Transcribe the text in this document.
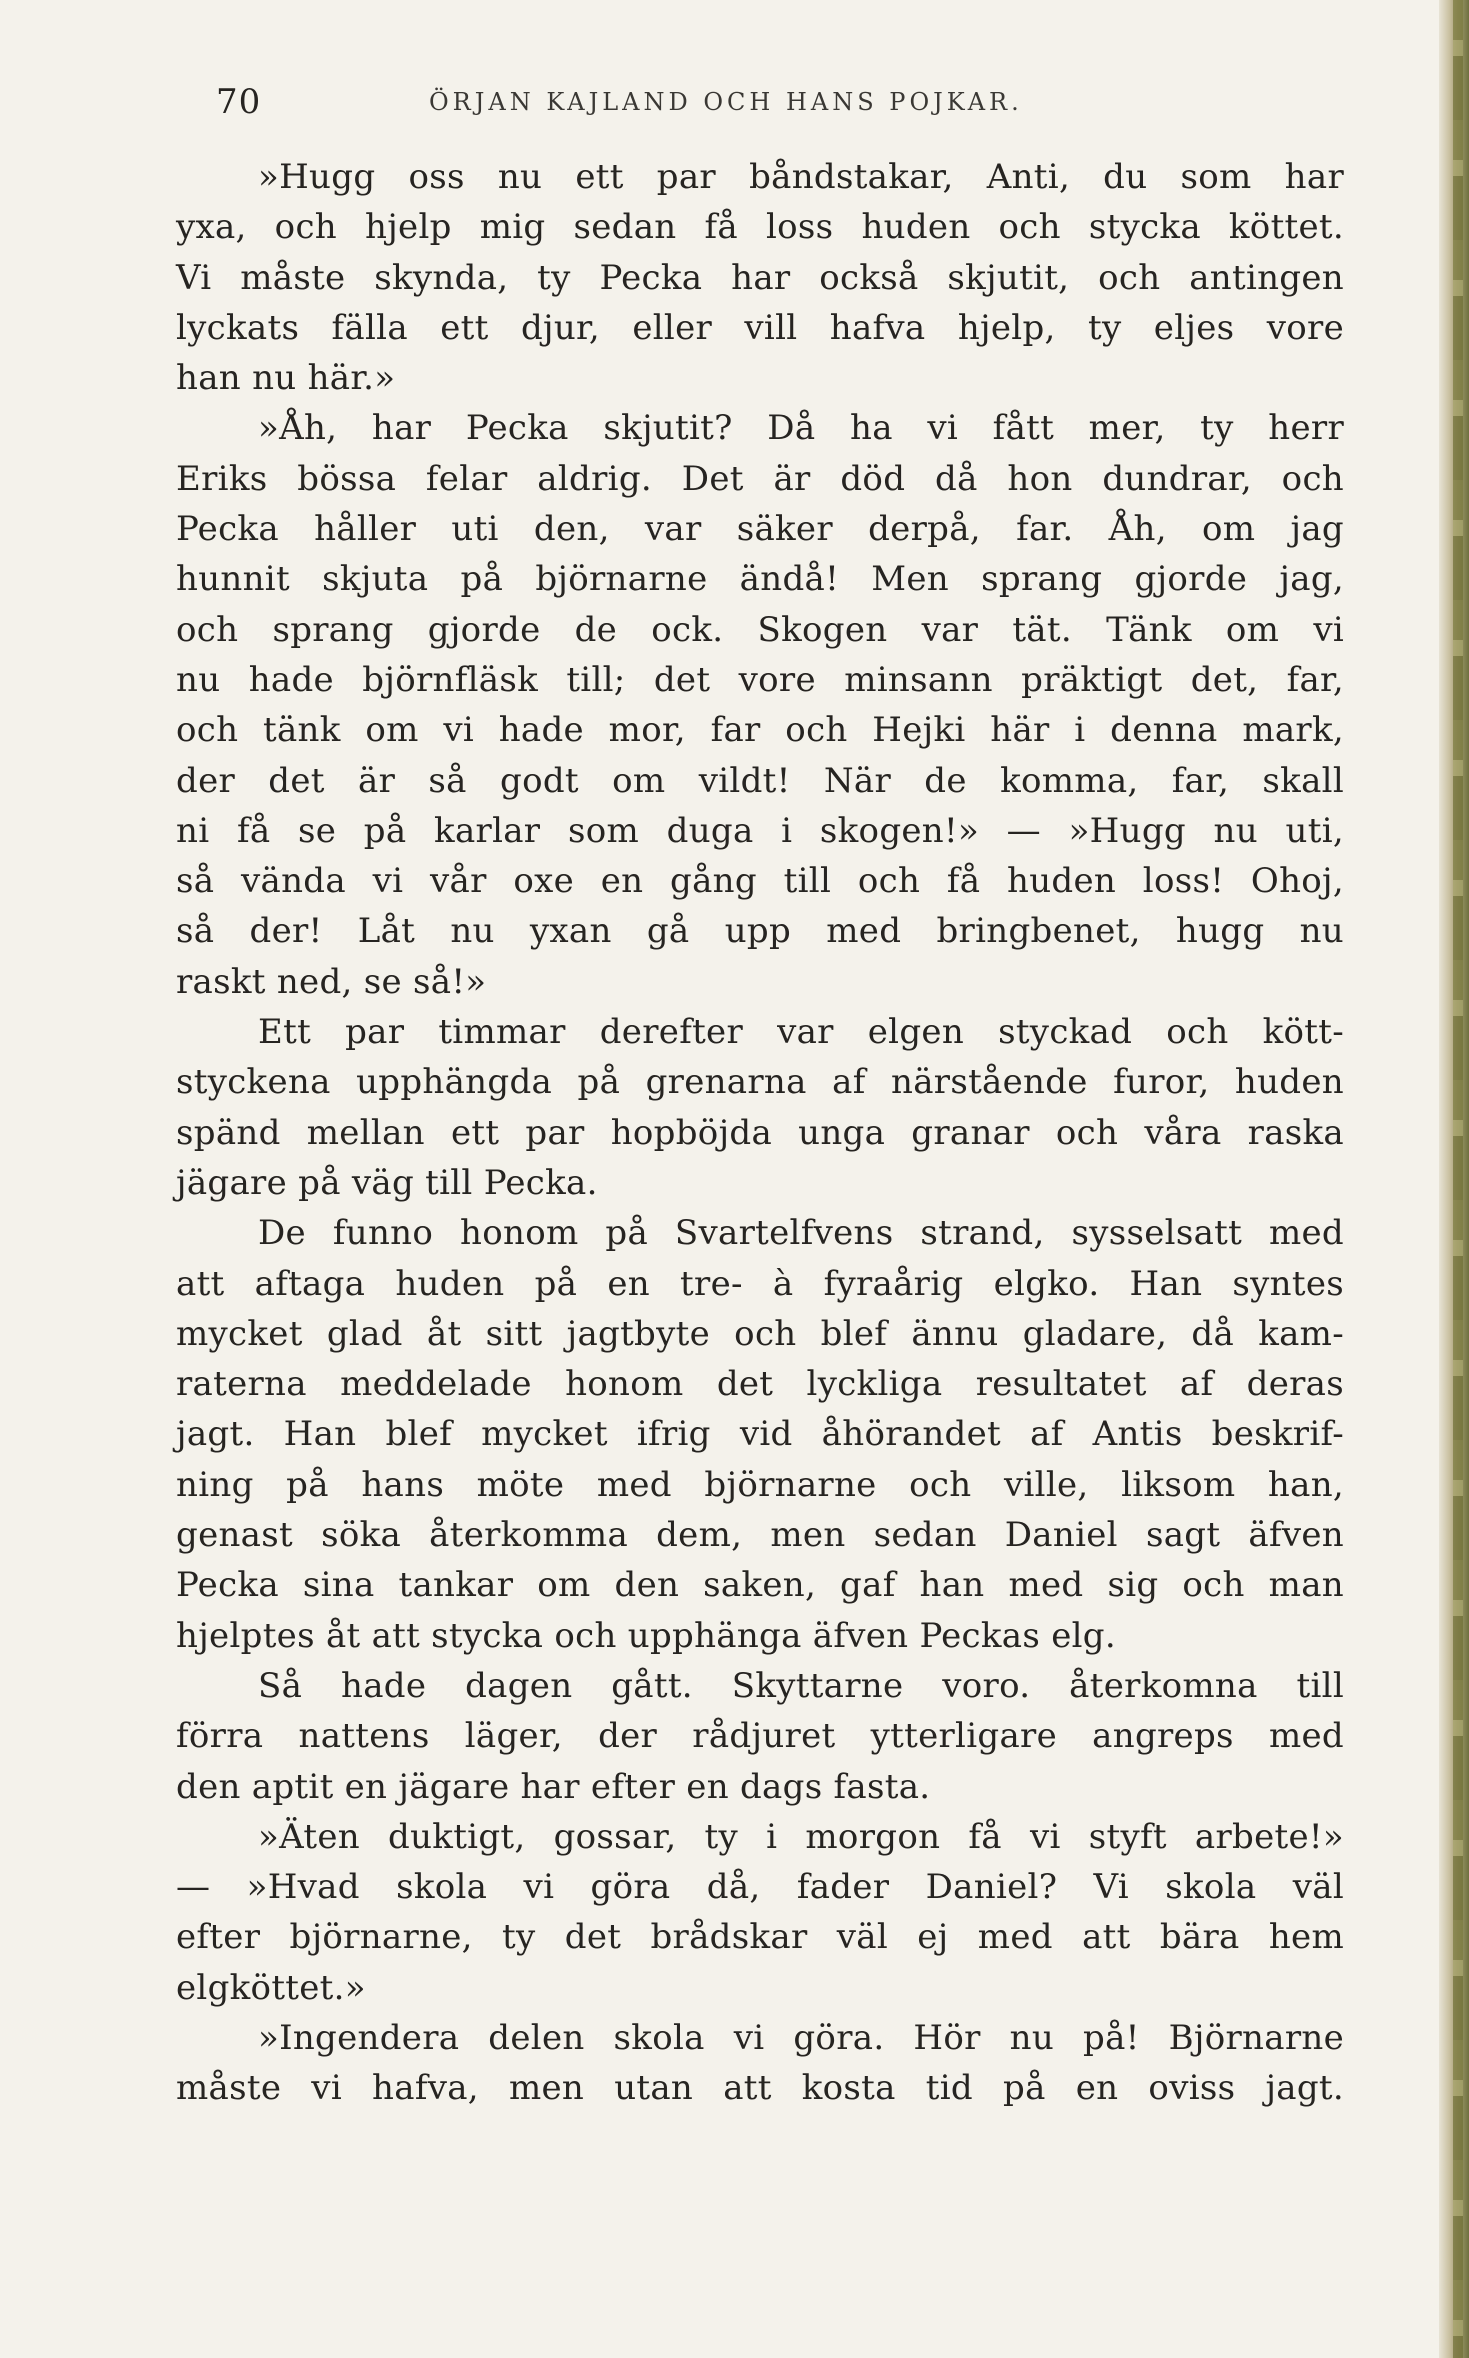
70	ÖRJAN KAJLAND OCH HANS POJKAR.
»Hugg oss nu ett par båndstakar, Anti, du som har
yxa, och hjelp mig sedan få loss huden och stycka köttet.
Vi måste skynda, ty Pecka har också skjutit, och antingen
lyckats fälla ett djur, eller vill hafva hjelp, ty eljes vore
han nu här.»
»Åh, har Pecka skjutit? Då ha vi fått mer, ty herr
Eriks bössa felar aldrig. Det är död då hon dundrar, och
Pecka håller uti den, var säker derpå, far. Åh, om jag
hunnit skjuta på björnarne ändå! Men sprang gjorde jag,
och sprang gjorde de ock. Skogen var tät. Tänk om vi
nu hade björnfläsk till; det vore minsann präktigt det, far,
och tänk om vi hade mor, far och Hejki här i denna mark,
der det är så godt om vildt! När de komma, far, skall
ni få se på karlar som duga i skogen!» — »Hugg nu uti,
så vända vi vår oxe en gång till och få huden loss! Ohoj,
så der! Låt nu yxan gå upp med bringbenet, hugg nu
raskt ned, se så!»
Ett par timmar derefter var elgen styckad och kött-
styckena upphängda på grenarna af närstående furor, huden
spänd mellan ett par hopböjda unga granar och våra raska
jägare på väg till Pecka.
De funno honom på Svartelfvens strand, sysselsatt med
att aftaga huden på en tre- à fyraårig elgko. Han syntes
mycket glad åt sitt jagtbyte och blef ännu gladare, då kam-
raterna meddelade honom det lyckliga resultatet af deras
jagt. Han blef mycket ifrig vid åhörandet af Antis beskrif-
ning på hans möte med björnarne och ville, liksom han,
genast söka återkomma dem, men sedan Daniel sagt äfven
Pecka sina tankar om den saken, gaf han med sig och man
hjelptes åt att stycka och upphänga äfven Peckas elg.
Så hade dagen gått. Skyttarne voro. återkomna till
förra nattens läger, der rådjuret ytterligare angreps med
den aptit en jägare har efter en dags fasta.
»Äten duktigt, gossar, ty i morgon få vi styft arbete!»
— »Hvad skola vi göra då, fader Daniel? Vi skola väl
efter björnarne, ty det brådskar väl ej med att bära hem
elgköttet.»
»Ingendera delen skola vi göra. Hör nu på! Björnarne
måste vi hafva, men utan att kosta tid på en oviss jagt.
